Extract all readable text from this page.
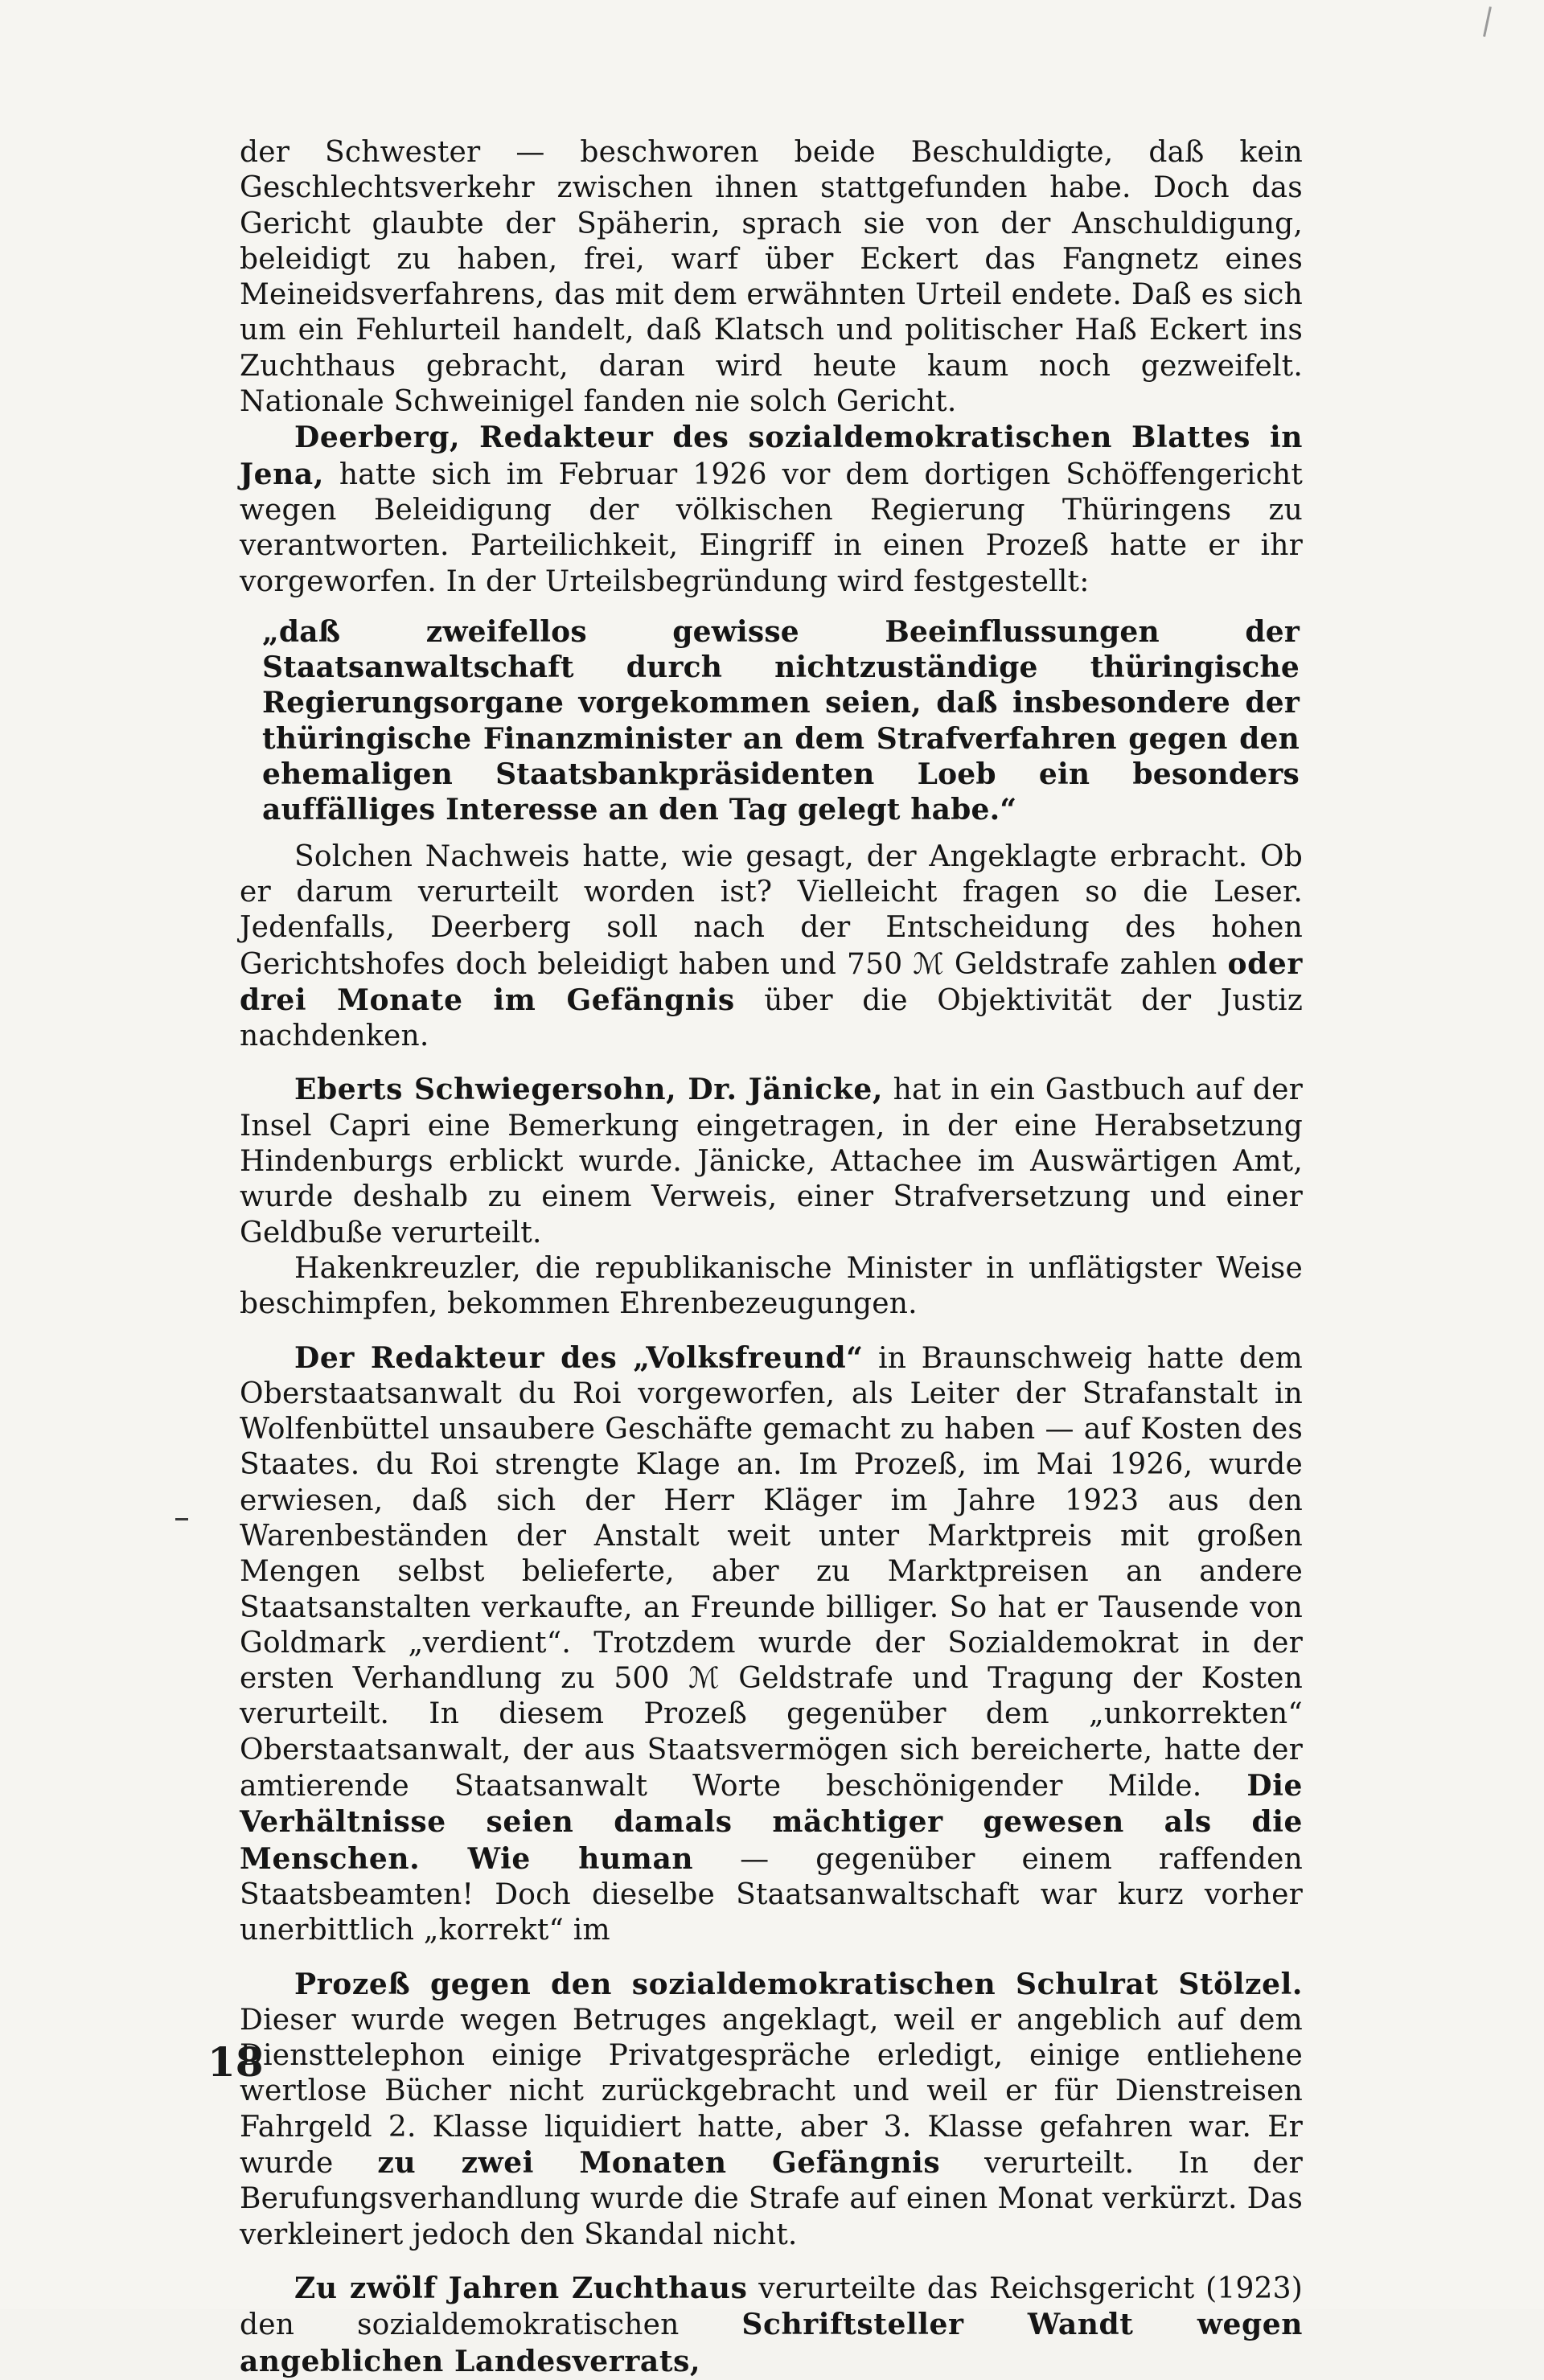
der Schwester — beschworen beide Beschuldigte, daß kein Geschlechtsverkehr zwischen ihnen stattgefunden habe. Doch das Gericht glaubte der Späherin, sprach sie von der Anschuldigung, beleidigt zu haben, frei, warf über Eckert das Fangnetz eines Meineidsverfahrens, das mit dem erwähnten Urteil endete. Daß es sich um ein Fehlurteil handelt, daß Klatsch und politischer Haß Eckert ins Zuchthaus gebracht, daran wird heute kaum noch gezweifelt. Nationale Schweinigel fanden nie solch Gericht.

Deerberg, Redakteur des sozialdemokratischen Blattes in Jena, hatte sich im Februar 1926 vor dem dortigen Schöffengericht wegen Beleidigung der völkischen Regierung Thüringens zu verantworten. Parteilichkeit, Eingriff in einen Prozeß hatte er ihr vorgeworfen. In der Urteilsbegründung wird festgestellt:

„daß zweifellos gewisse Beeinflussungen der Staatsanwaltschaft durch nichtzuständige thüringische Regierungsorgane vorgekommen seien, daß insbesondere der thüringische Finanzminister an dem Strafverfahren gegen den ehemaligen Staatsbankpräsidenten Loeb ein besonders auffälliges Interesse an den Tag gelegt habe.“

Solchen Nachweis hatte, wie gesagt, der Angeklagte erbracht. Ob er darum verurteilt worden ist? Vielleicht fragen so die Leser. Jedenfalls, Deerberg soll nach der Entscheidung des hohen Gerichtshofes doch beleidigt haben und 750 ℳ Geldstrafe zahlen oder drei Monate im Gefängnis über die Objektivität der Justiz nachdenken.

Eberts Schwiegersohn, Dr. Jänicke, hat in ein Gastbuch auf der Insel Capri eine Bemerkung eingetragen, in der eine Herabsetzung Hindenburgs erblickt wurde. Jänicke, Attachee im Auswärtigen Amt, wurde deshalb zu einem Verweis, einer Strafversetzung und einer Geldbuße verurteilt.

Hakenkreuzler, die republikanische Minister in unflätigster Weise beschimpfen, bekommen Ehrenbezeugungen.

Der Redakteur des „Volksfreund“ in Braunschweig hatte dem Oberstaatsanwalt du Roi vorgeworfen, als Leiter der Strafanstalt in Wolfenbüttel unsaubere Geschäfte gemacht zu haben — auf Kosten des Staates. du Roi strengte Klage an. Im Prozeß, im Mai 1926, wurde erwiesen, daß sich der Herr Kläger im Jahre 1923 aus den Warenbeständen der Anstalt weit unter Marktpreis mit großen Mengen selbst belieferte, aber zu Marktpreisen an andere Staatsanstalten verkaufte, an Freunde billiger. So hat er Tausende von Goldmark „verdient“. Trotzdem wurde der Sozialdemokrat in der ersten Verhandlung zu 500 ℳ Geldstrafe und Tragung der Kosten verurteilt. In diesem Prozeß gegenüber dem „unkorrekten“ Oberstaatsanwalt, der aus Staatsvermögen sich bereicherte, hatte der amtierende Staatsanwalt Worte beschönigender Milde. Die Verhältnisse seien damals mächtiger gewesen als die Menschen. Wie human — gegenüber einem raffenden Staatsbeamten! Doch dieselbe Staatsanwaltschaft war kurz vorher unerbittlich „korrekt“ im

Prozeß gegen den sozialdemokratischen Schulrat Stölzel. Dieser wurde wegen Betruges angeklagt, weil er angeblich auf dem Diensttelephon einige Privatgespräche erledigt, einige entliehene wertlose Bücher nicht zurückgebracht und weil er für Dienstreisen Fahrgeld 2. Klasse liquidiert hatte, aber 3. Klasse gefahren war. Er wurde zu zwei Monaten Gefängnis verurteilt. In der Berufungsverhandlung wurde die Strafe auf einen Monat verkürzt. Das verkleinert jedoch den Skandal nicht.

Zu zwölf Jahren Zuchthaus verurteilte das Reichsgericht (1923) den sozialdemokratischen Schriftsteller Wandt wegen angeblichen Landesverrats,

18
